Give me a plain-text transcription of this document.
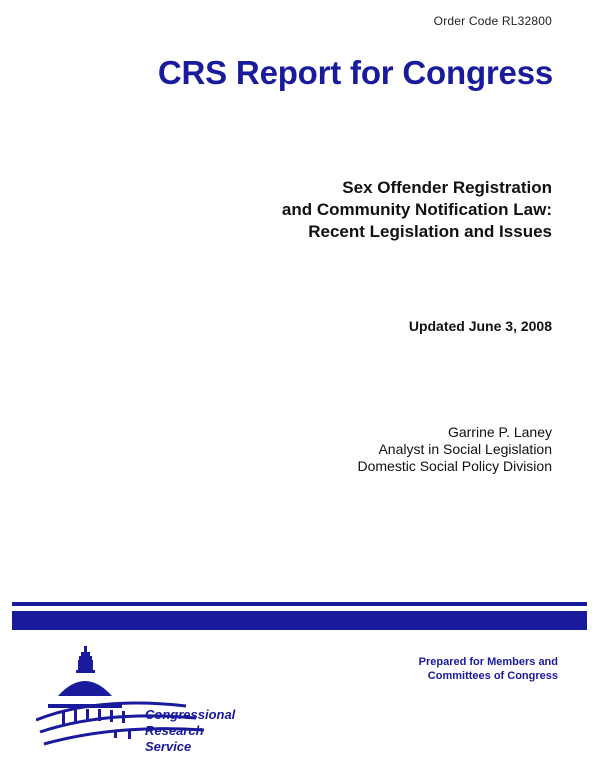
Order Code RL32800
CRS Report for Congress
Sex Offender Registration
and Community Notification Law:
Recent Legislation and Issues
Updated June 3, 2008
Garrine P. Laney
Analyst in Social Legislation
Domestic Social Policy Division
Prepared for Members and
Committees of Congress
Congressional
Research
Service
